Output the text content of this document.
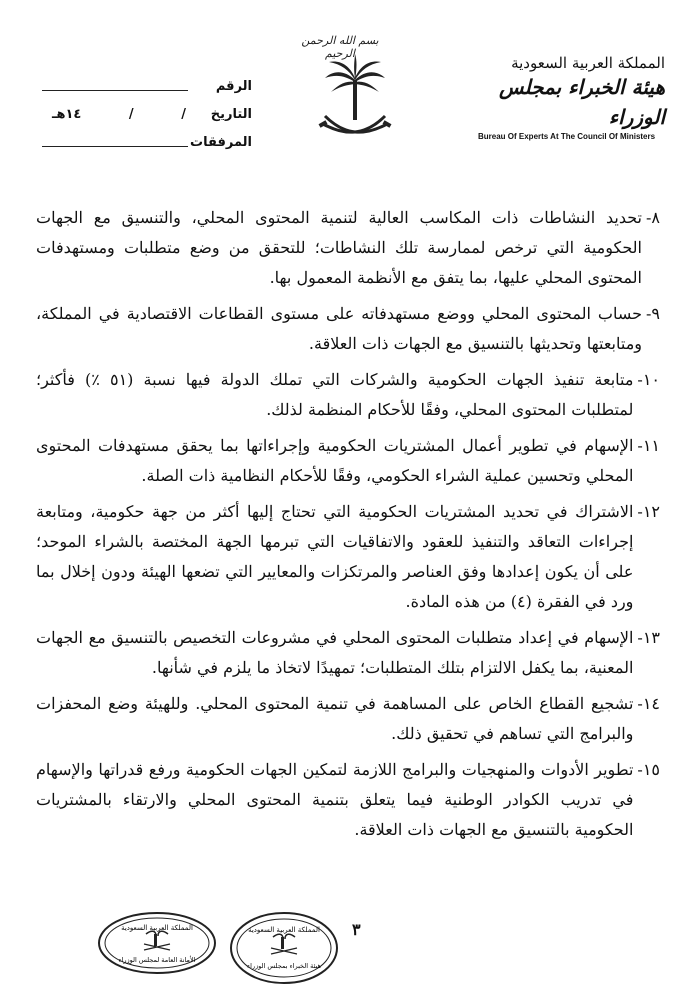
بسم الله الرحمن الرحيم
الرقم
التاريخ
/
/
١٤هـ
المرفقات
المملكة العربية السعودية
هيئة الخبراء بمجلس الوزراء
Bureau Of Experts At The Council Of Ministers
٨-
تحديد النشاطات ذات المكاسب العالية لتنمية المحتوى المحلي، والتنسيق مع الجهات الحكومية التي ترخص لممارسة تلك النشاطات؛ للتحقق من وضع متطلبات ومستهدفات المحتوى المحلي عليها، بما يتفق مع الأنظمة المعمول بها.
٩-
حساب المحتوى المحلي ووضع مستهدفاته على مستوى القطاعات الاقتصادية في المملكة، ومتابعتها وتحديثها بالتنسيق مع الجهات ذات العلاقة.
١٠-
متابعة تنفيذ الجهات الحكومية والشركات التي تملك الدولة فيها نسبة (٥١ ٪) فأكثر؛ لمتطلبات المحتوى المحلي، وفقًا للأحكام المنظمة لذلك.
١١-
الإسهام في تطوير أعمال المشتريات الحكومية وإجراءاتها بما يحقق مستهدفات المحتوى المحلي وتحسين عملية الشراء الحكومي، وفقًا للأحكام النظامية ذات الصلة.
١٢-
الاشتراك في تحديد المشتريات الحكومية التي تحتاج إليها أكثر من جهة حكومية، ومتابعة إجراءات التعاقد والتنفيذ للعقود والاتفاقيات التي تبرمها الجهة المختصة بالشراء الموحد؛ على أن يكون إعدادها وفق العناصر والمرتكزات والمعايير التي تضعها الهيئة ودون إخلال بما ورد في الفقرة (٤) من هذه المادة.
١٣-
الإسهام في إعداد متطلبات المحتوى المحلي في مشروعات التخصيص بالتنسيق مع الجهات المعنية، بما يكفل الالتزام بتلك المتطلبات؛ تمهيدًا لاتخاذ ما يلزم في شأنها.
١٤-
تشجيع القطاع الخاص على المساهمة في تنمية المحتوى المحلي. وللهيئة وضع المحفزات والبرامج التي تساهم في تحقيق ذلك.
١٥-
تطوير الأدوات والمنهجيات والبرامج اللازمة لتمكين الجهات الحكومية ورفع قدراتها والإسهام في تدريب الكوادر الوطنية فيما يتعلق بتنمية المحتوى المحلي والارتقاء بالمشتريات الحكومية بالتنسيق مع الجهات ذات العلاقة.
المملكة العربية السعودية
الأمانة العامة لمجلس الوزراء
المملكة العربية السعودية
هيئة الخبراء بمجلس الوزراء
٣
